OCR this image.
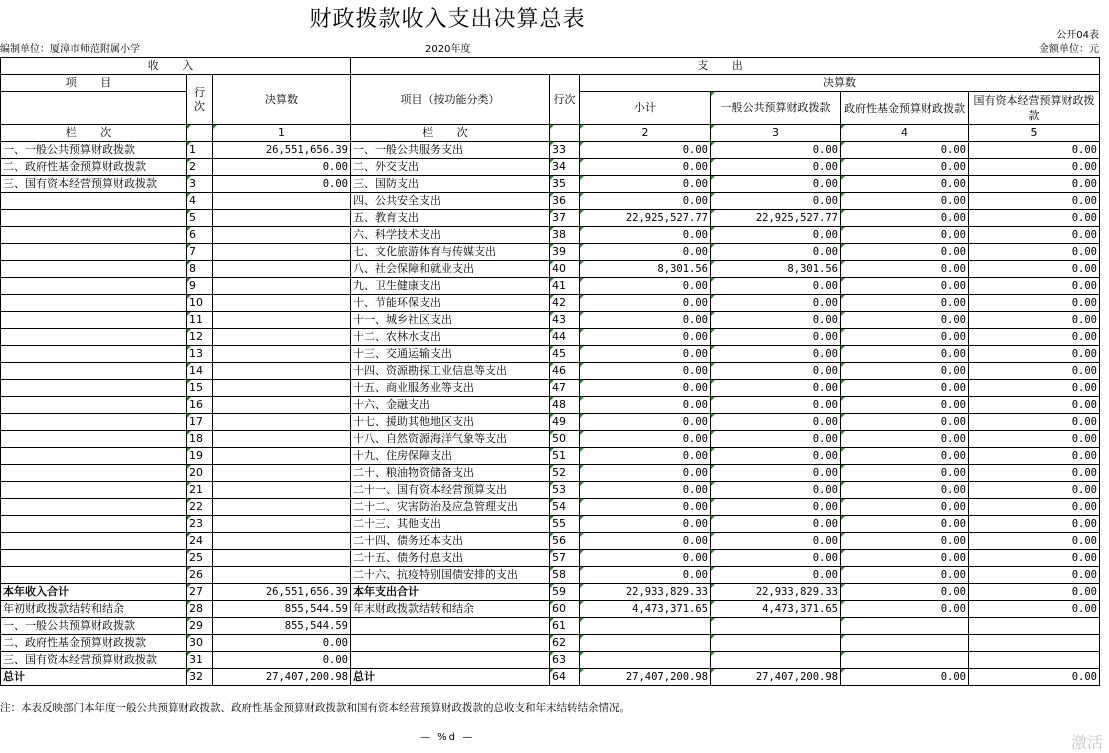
财政拨款收入支出决算总表
公开04表
编制单位：厦漳市师范附属小学	2020年度	金额单位：元
收 入			支 出					
项 目	行次	决算数	项目（按功能分类）	行次	决算数			
					小计	一般公共预算财政拨款	政府性基金预算财政拨款	国有资本经营预算财政拨款

栏 次		1	栏 次		2	3	4	5
一、一般公共预算财政拨款	1	26,551,656.39	一、一般公共服务支出	33	0.00	0.00	0.00	0.00
二、政府性基金预算财政拨款	2	0.00	二、外交支出	34	0.00	0.00	0.00	0.00
三、国有资本经营预算财政拨款	3	0.00	三、国防支出	35	0.00	0.00	0.00	0.00
	4		四、公共安全支出	36	0.00	0.00	0.00	0.00
	5		五、教育支出	37	22,925,527.77	22,925,527.77	0.00	0.00
	6		六、科学技术支出	38	0.00	0.00	0.00	0.00
	7		七、文化旅游体育与传媒支出	39	0.00	0.00	0.00	0.00
	8		八、社会保障和就业支出	40	8,301.56	8,301.56	0.00	0.00
	9		九、卫生健康支出	41	0.00	0.00	0.00	0.00
	10		十、节能环保支出	42	0.00	0.00	0.00	0.00
	11		十一、城乡社区支出	43	0.00	0.00	0.00	0.00
	12		十二、农林水支出	44	0.00	0.00	0.00	0.00
	13		十三、交通运输支出	45	0.00	0.00	0.00	0.00
	14		十四、资源勘探工业信息等支出	46	0.00	0.00	0.00	0.00
	15		十五、商业服务业等支出	47	0.00	0.00	0.00	0.00
	16		十六、金融支出	48	0.00	0.00	0.00	0.00
	17		十七、援助其他地区支出	49	0.00	0.00	0.00	0.00
	18		十八、自然资源海洋气象等支出	50	0.00	0.00	0.00	0.00
	19		十九、住房保障支出	51	0.00	0.00	0.00	0.00
	20		二十、粮油物资储备支出	52	0.00	0.00	0.00	0.00
	21		二十一、国有资本经营预算支出	53	0.00	0.00	0.00	0.00
	22		二十二、灾害防治及应急管理支出	54	0.00	0.00	0.00	0.00
	23		二十三、其他支出	55	0.00	0.00	0.00	0.00
	24		二十四、债务还本支出	56	0.00	0.00	0.00	0.00
	25		二十五、债务付息支出	57	0.00	0.00	0.00	0.00
	26		二十六、抗疫特别国债安排的支出	58	0.00	0.00	0.00	0.00
本年收入合计	27	26,551,656.39	本年支出合计	59	22,933,829.33	22,933,829.33	0.00	0.00
年初财政拨款结转和结余	28	855,544.59	年末财政拨款结转和结余	60	4,473,371.65	4,473,371.65	0.00	0.00
一、一般公共预算财政拨款	29	855,544.59		61				
二、政府性基金预算财政拨款	30	0.00		62				
三、国有资本经营预算财政拨款	31	0.00		63				
总计	32	27,407,200.98	总计	64	27,407,200.98	27,407,200.98	0.00	0.00
注：本表反映部门本年度一般公共预算财政拨款、政府性基金预算财政拨款和国有资本经营预算财政拨款的总收支和年末结转结余情况。
— %d —	激活
